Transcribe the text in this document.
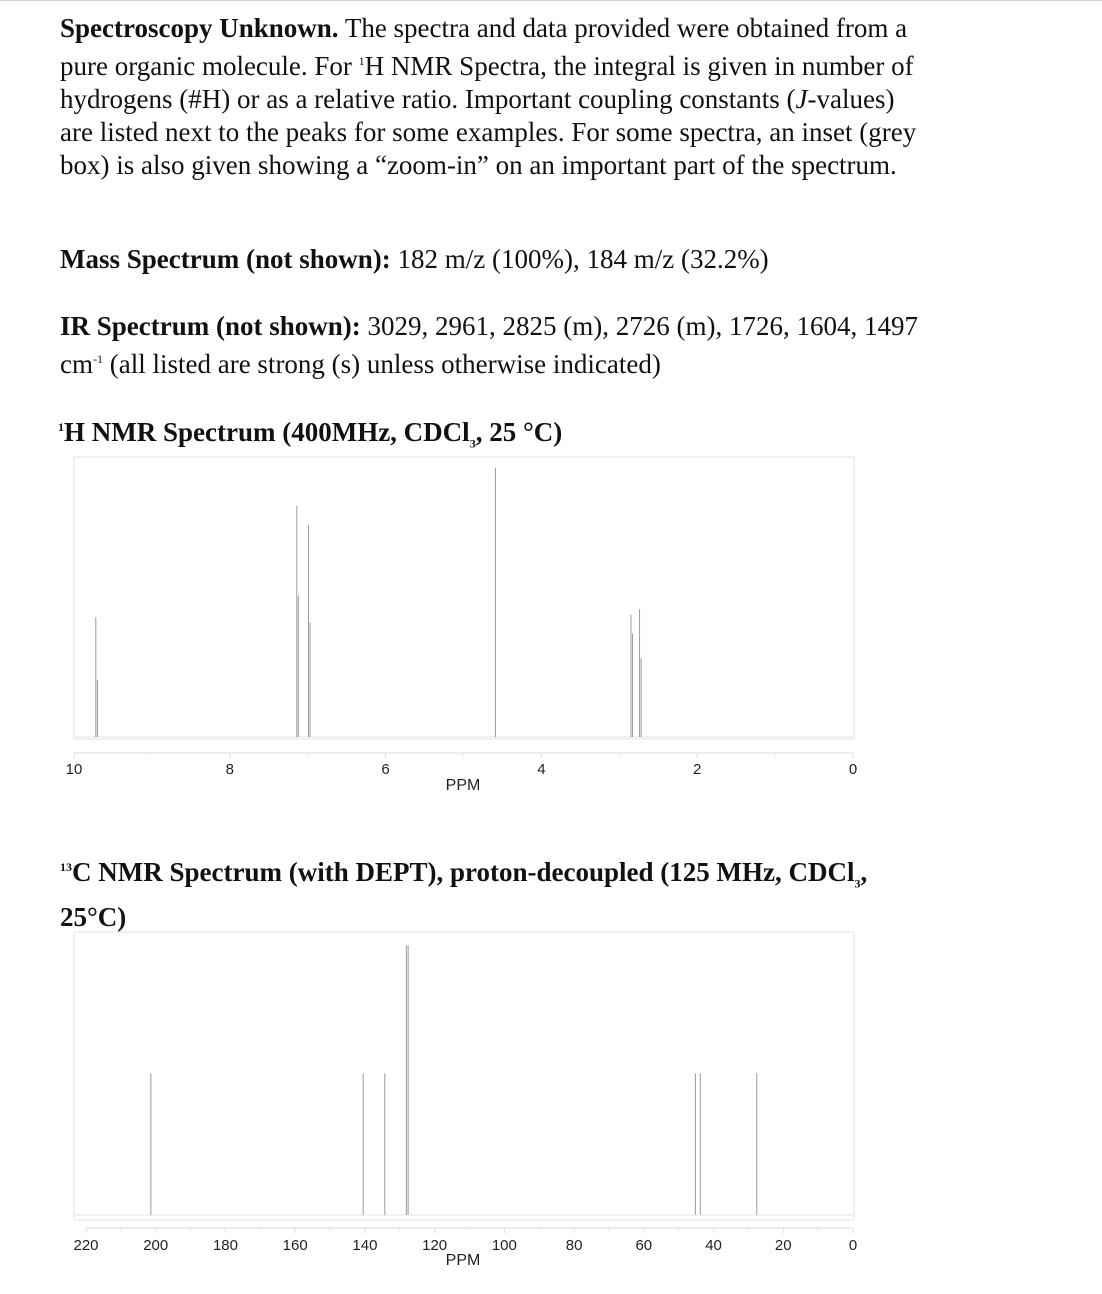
Spectroscopy Unknown. The spectra and data provided were obtained from a pure organic molecule. For $^1$H NMR Spectra, the integral is given in number of hydrogens (#H) or as a relative ratio. Important coupling constants (J-values) are listed next to the peaks for some examples. For some spectra, an inset (grey box) is also given showing a “zoom-in” on an important part of the spectrum.

Mass Spectrum (not shown): 182 m/z (100%), 184 m/z (32.2%)

IR Spectrum (not shown): 3029, 2961, 2825 (m), 2726 (m), 1726, 1604, 1497 $cm^{-1}$ (all listed are strong (s) unless otherwise indicated)

$^1$H NMR Spectrum (400MHz, CDCl$_3$, 25 °C)

$^{13}$C NMR Spectrum (with DEPT), proton-decoupled (125 MHz, CDCl$_3$, 25°C)

10	8	6	4	2	0
PPM
220	200	180	160	140	120	100	80	60	40	20	0
PPM
